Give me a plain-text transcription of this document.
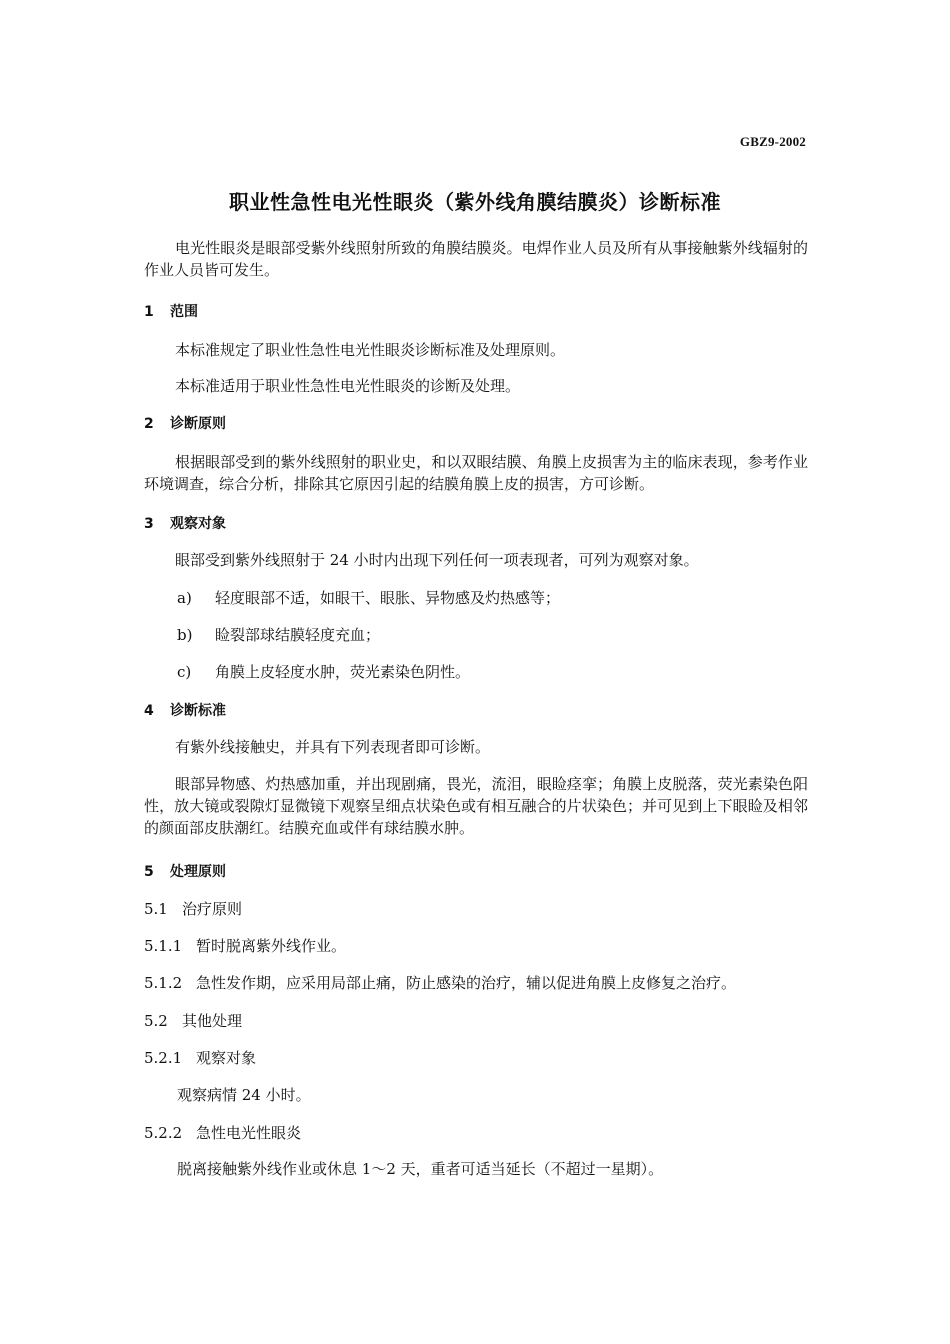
GBZ9-2002
职业性急性电光性眼炎（紫外线角膜结膜炎）诊断标准
电光性眼炎是眼部受紫外线照射所致的角膜结膜炎。电焊作业人员及所有从事接触紫外线辐射的作业人员皆可发生。
1 范围
本标准规定了职业性急性电光性眼炎诊断标准及处理原则。
本标准适用于职业性急性电光性眼炎的诊断及处理。
2 诊断原则
根据眼部受到的紫外线照射的职业史，和以双眼结膜、角膜上皮损害为主的临床表现，参考作业环境调查，综合分析，排除其它原因引起的结膜角膜上皮的损害，方可诊断。
3 观察对象
眼部受到紫外线照射于 24 小时内出现下列任何一项表现者，可列为观察对象。
a) 轻度眼部不适，如眼干、眼胀、异物感及灼热感等；
b) 睑裂部球结膜轻度充血；
c) 角膜上皮轻度水肿，荧光素染色阴性。
4 诊断标准
有紫外线接触史，并具有下列表现者即可诊断。
眼部异物感、灼热感加重，并出现剧痛，畏光，流泪，眼睑痉挛；角膜上皮脱落，荧光素染色阳性，放大镜或裂隙灯显微镜下观察呈细点状染色或有相互融合的片状染色；并可见到上下眼睑及相邻的颜面部皮肤潮红。结膜充血或伴有球结膜水肿。
5 处理原则
5.1 治疗原则
5.1.1 暂时脱离紫外线作业。
5.1.2 急性发作期，应采用局部止痛，防止感染的治疗，辅以促进角膜上皮修复之治疗。
5.2 其他处理
5.2.1 观察对象
观察病情 24 小时。
5.2.2 急性电光性眼炎
脱离接触紫外线作业或休息 1～2 天，重者可适当延长（不超过一星期）。
